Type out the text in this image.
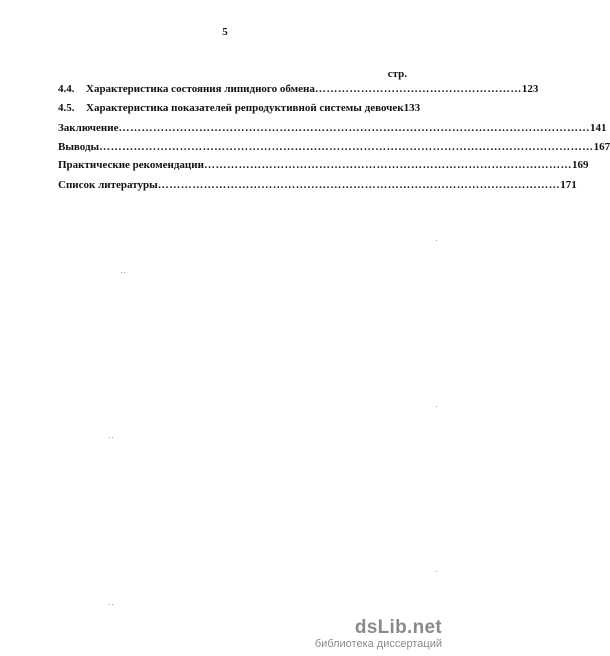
5
стр.
4.4.	Характеристика состояния липидного обмена ……………………………………………… 123
4.5.	Характеристика показателей репродуктивной системы девочек 133
Заключение …………………………………………………………………………………………………………… 141
Выводы ………………………………………………………………………………………………………………… 167
Практические рекомендации …………………………………………………………………………………… 169
Список литературы …………………………………………………………………………………………… 171
dsLib.net
библиотека диссертаций
